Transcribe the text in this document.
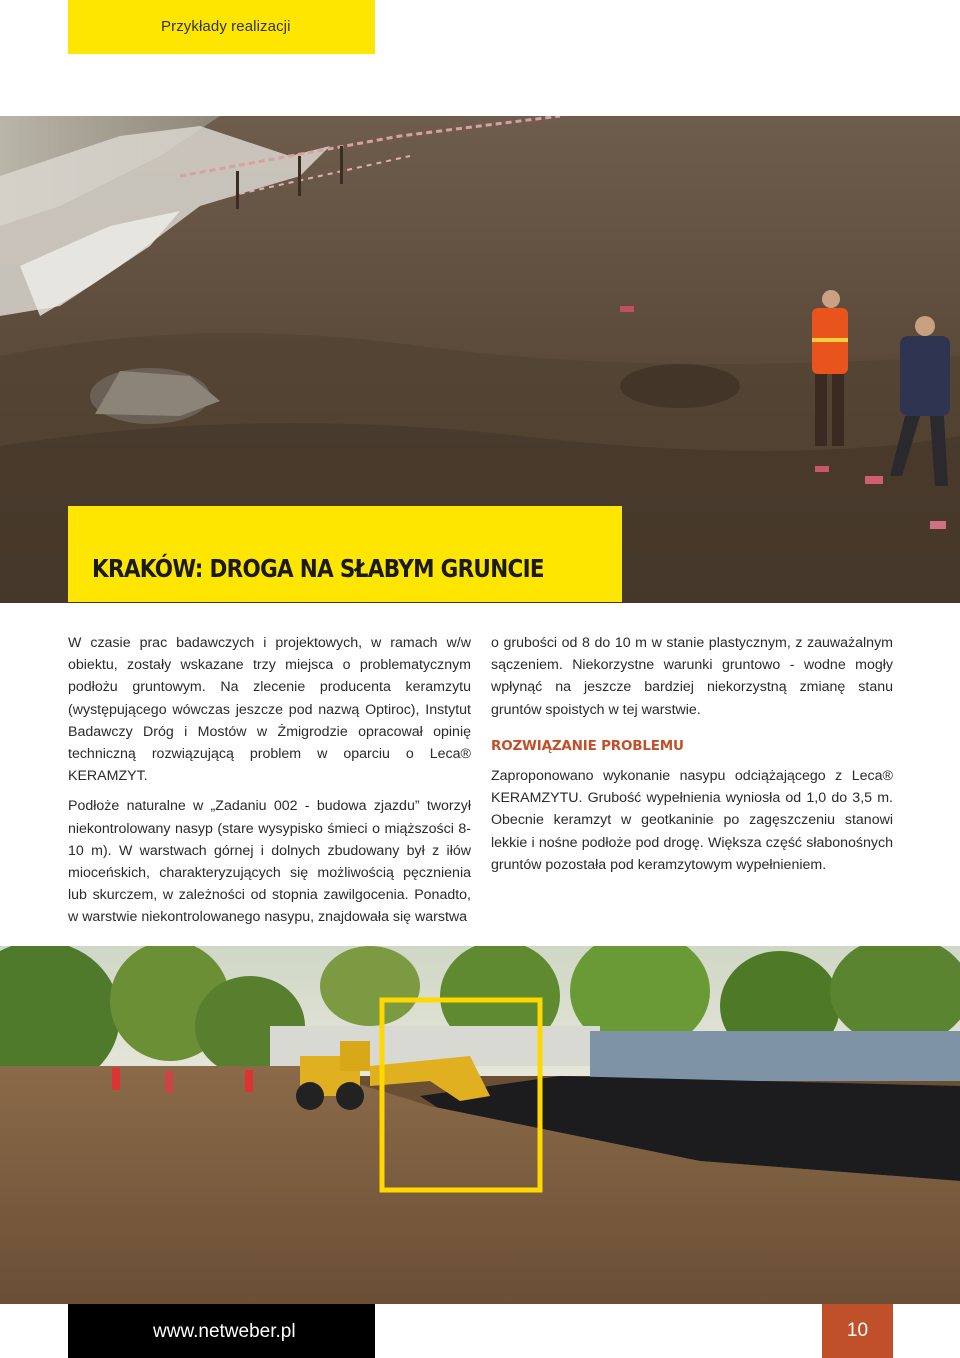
Przykłady realizacji
KRAKÓW: DROGA NA SŁABYM GRUNCIE

W czasie prac badawczych i projektowych, w ramach w/w obiektu, zostały wskazane trzy miejsca o problematycznym podłożu gruntowym. Na zlecenie producenta keramzytu (występującego wówczas jeszcze pod nazwą Optiroc), Instytut Badawczy Dróg i Mostów w Żmigrodzie opracował opinię techniczną rozwiązującą problem w oparciu o Leca® KERAMZYT.

Podłoże naturalne w „Zadaniu 002 - budowa zjazdu” tworzył niekontrolowany nasyp (stare wysypisko śmieci o miąższości 8-10 m). W warstwach górnej i dolnych zbudowany był z iłów mioceńskich, charakteryzujących się możliwością pęcznienia lub skurczem, w zależności od stopnia zawilgocenia. Ponadto, w warstwie niekontrolowanego nasypu, znajdowała się warstwa

o grubości od 8 do 10 m w stanie plastycznym, z zauważalnym sączeniem. Niekorzystne warunki gruntowo - wodne mogły wpłynąć na jeszcze bardziej niekorzystną zmianę stanu gruntów spoistych w tej warstwie.

ROZWIĄZANIE PROBLEMU

Zaproponowano wykonanie nasypu odciążającego z Leca® KERAMZYTU. Grubość wypełnienia wyniosła od 1,0 do 3,5 m. Obecnie keramzyt w geotkaninie po zagęszczeniu stanowi lekkie i nośne podłoże pod drogę. Większa część słabonośnych gruntów pozostała pod keramzytowym wypełnieniem.

www.netweber.pl	10
